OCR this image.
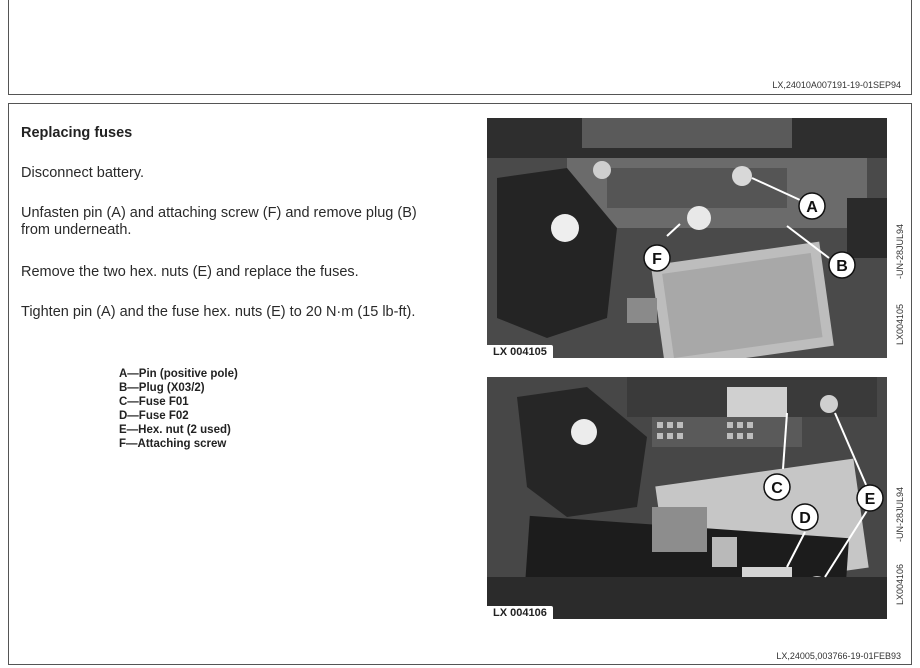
LX,24010A007191-19-01SEP94
Replacing fuses
Disconnect battery.
Unfasten pin (A) and attaching screw (F) and remove plug (B) from underneath.
Remove the two hex. nuts (E) and replace the fuses.
Tighten pin (A) and the fuse hex. nuts (E) to 20 N·m (15 lb-ft).
A—Pin (positive pole)
B—Plug (X03/2)
C—Fuse F01
D—Fuse F02
E—Hex. nut (2 used)
F—Attaching screw
A
F	B
LX 004105
C
E
D
LX 004106
-UN-28JUL94
LX004105
-UN-28JUL94
LX004106
LX,24005,003766-19-01FEB93
